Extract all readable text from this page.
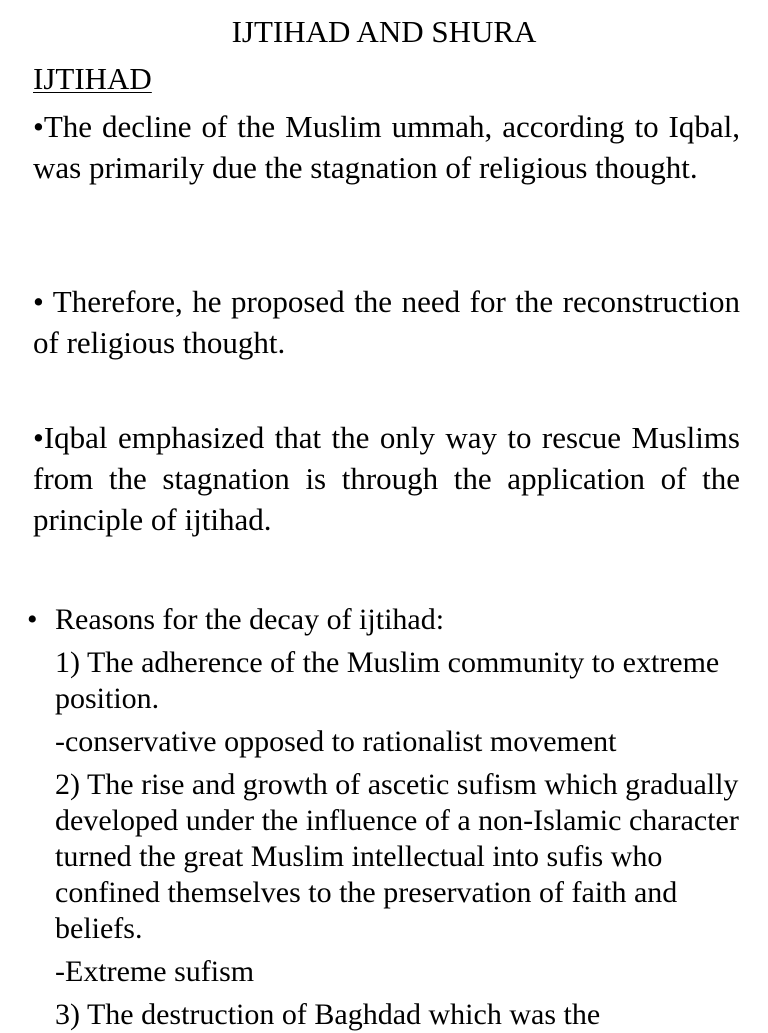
IJTIHAD AND SHURA
IJTIHAD
•The decline of the Muslim ummah, according to Iqbal, was primarily due the stagnation of religious thought.
• Therefore, he proposed the need for the reconstruction of religious thought.
•Iqbal emphasized that the only way to rescue Muslims from the stagnation is through the application of the principle of ijtihad.
• Reasons for the decay of ijtihad:
1) The adherence of the Muslim community to extreme position.
-conservative opposed to rationalist movement
2) The rise and growth of ascetic sufism which gradually developed under the influence of a non-Islamic character turned the great Muslim intellectual into sufis who confined themselves to the preservation of faith and beliefs.
-Extreme sufism
3) The destruction of Baghdad which was the
